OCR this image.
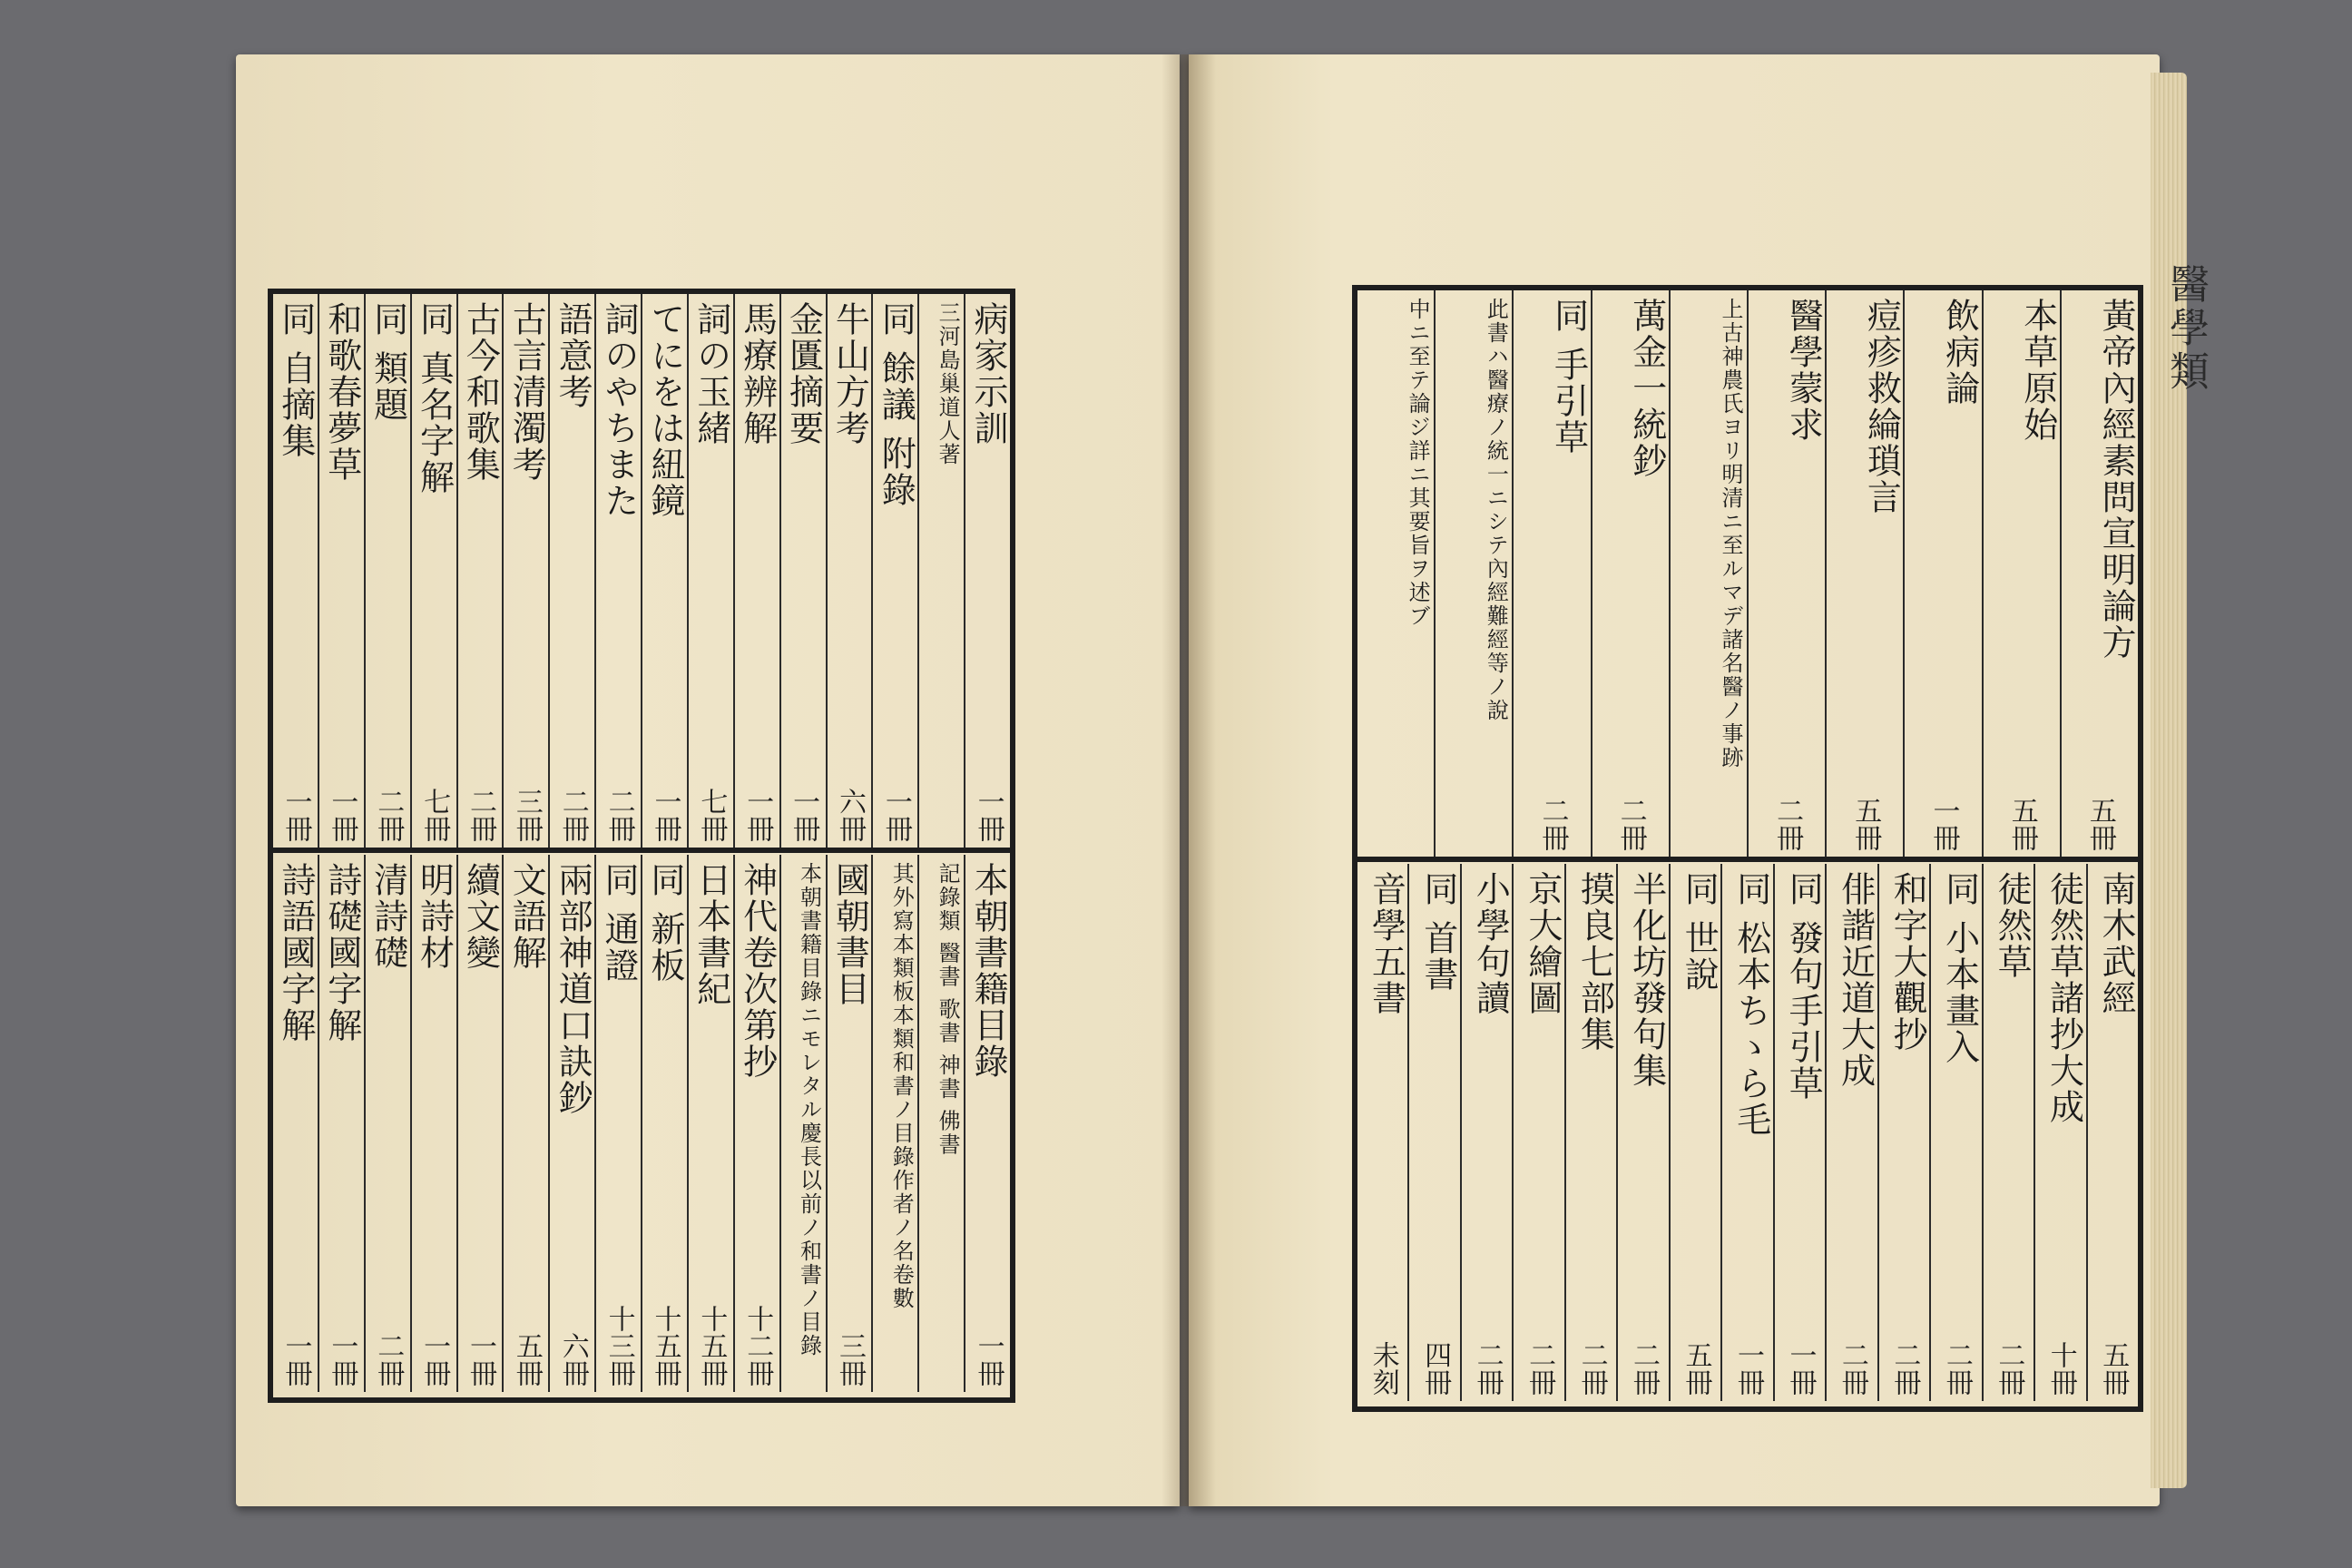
醫學類
病家示訓
一冊
三河島巢道人著
同 餘議 附錄
一冊
牛山方考
六冊
金匱摘要
一冊
馬療辨解
一冊
詞の玉緒
七冊
てにをは紐鏡
一冊
詞のやちまた
二冊
語意考
二冊
古言清濁考
三冊
古今和歌集
二冊
同 真名字解
七冊
同 類題
二冊
和歌春夢草
一冊
同 自摘集
一冊
本朝書籍目錄
一冊
記錄類 醫書 歌書 神書 佛書
其外寫本類板本類和書ノ目錄作者ノ名卷數
國朝書目
三冊
本朝書籍目錄ニモレタル慶長以前ノ和書ノ目錄
神代卷次第抄
十二冊
日本書紀
十五冊
同 新板
十五冊
同 通證
十三冊
兩部神道口訣鈔
六冊
文語解
五冊
續文變
一冊
明詩材
一冊
清詩礎
二冊
詩礎國字解
一冊
詩語國字解
一冊
黃帝內經素問宣明論方
五冊
本草原始
五冊
飲病論
一冊
痘疹救綸瑣言
五冊
醫學蒙求
二冊
上古神農氏ヨリ明清ニ至ルマデ諸名醫ノ事跡
萬金一統鈔
二冊
同 手引草
二冊
此書ハ醫療ノ統一ニシテ內經難經等ノ說
中ニ至テ論ジ詳ニ其要旨ヲ述ブ
南木武經
五冊
徒然草諸抄大成
十冊
徒然草
二冊
同 小本畫入
二冊
和字大觀抄
二冊
俳諧近道大成
二冊
同 發句手引草
一冊
同 松本ちゝら毛
一冊
同 世說
五冊
半化坊發句集
二冊
摸良七部集
二冊
京大繪圖
二冊
小學句讀
二冊
同 首書
四冊
音學五書
未刻
